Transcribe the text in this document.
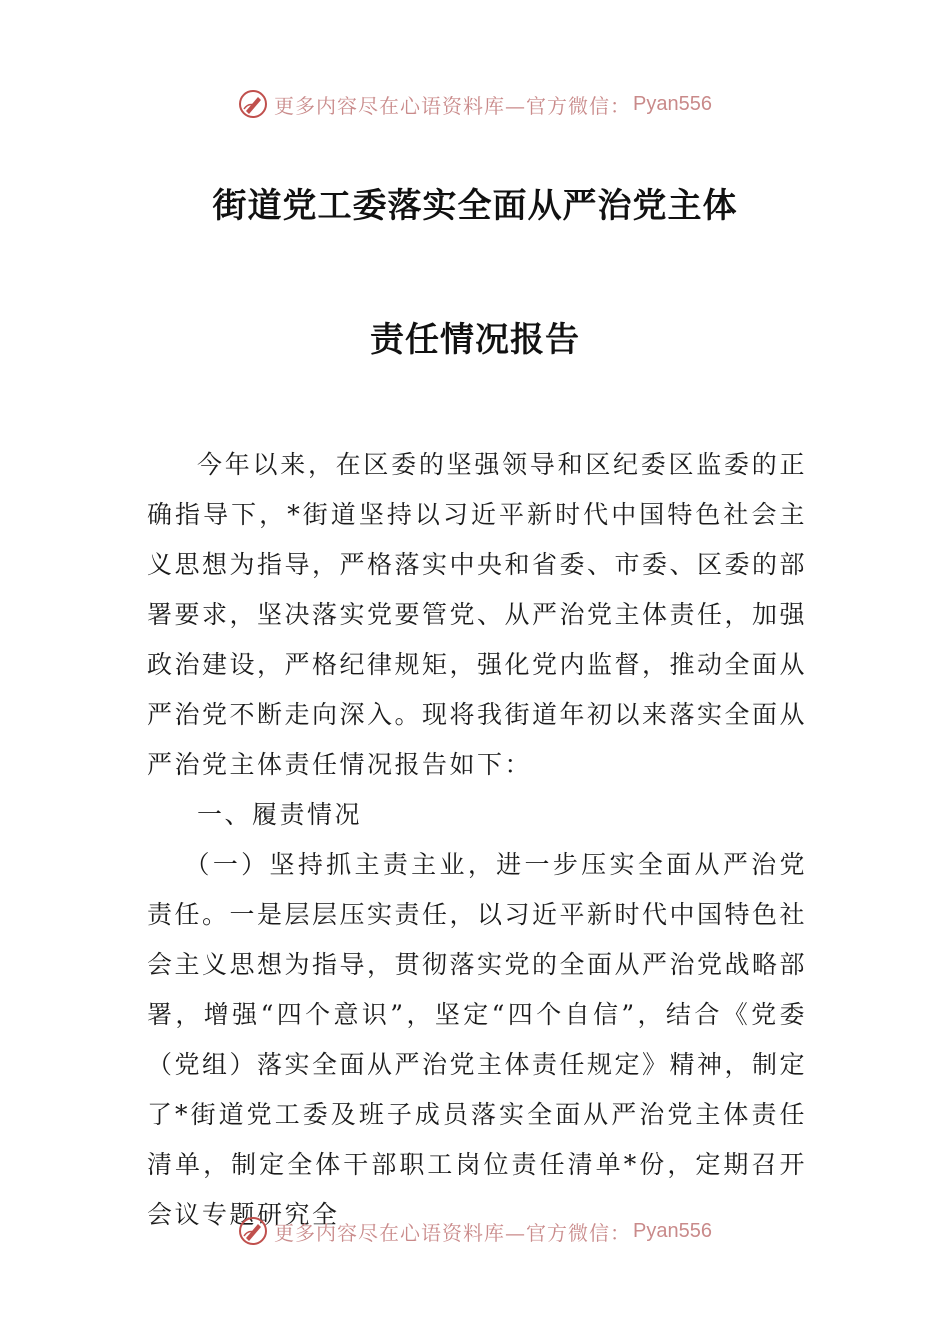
更多内容尽在心语资料库—官方微信： Pyan556
街道党工委落实全面从严治党主体
责任情况报告

今年以来，在区委的坚强领导和区纪委区监委的正确指导下，*街道坚持以习近平新时代中国特色社会主义思想为指导，严格落实中央和省委、市委、区委的部署要求，坚决落实党要管党、从严治党主体责任，加强政治建设，严格纪律规矩，强化党内监督，推动全面从严治党不断走向深入。现将我街道年初以来落实全面从严治党主体责任情况报告如下：

一、履责情况

（一）坚持抓主责主业，进一步压实全面从严治党责任。一是层层压实责任，以习近平新时代中国特色社会主义思想为指导，贯彻落实党的全面从严治党战略部署，增强“四个意识”，坚定“四个自信”，结合《党委（党组）落实全面从严治党主体责任规定》精神，制定了*街道党工委及班子成员落实全面从严治党主体责任清单，制定全体干部职工岗位责任清单*份，定期召开会议专题研究全

更多内容尽在心语资料库—官方微信： Pyan556
